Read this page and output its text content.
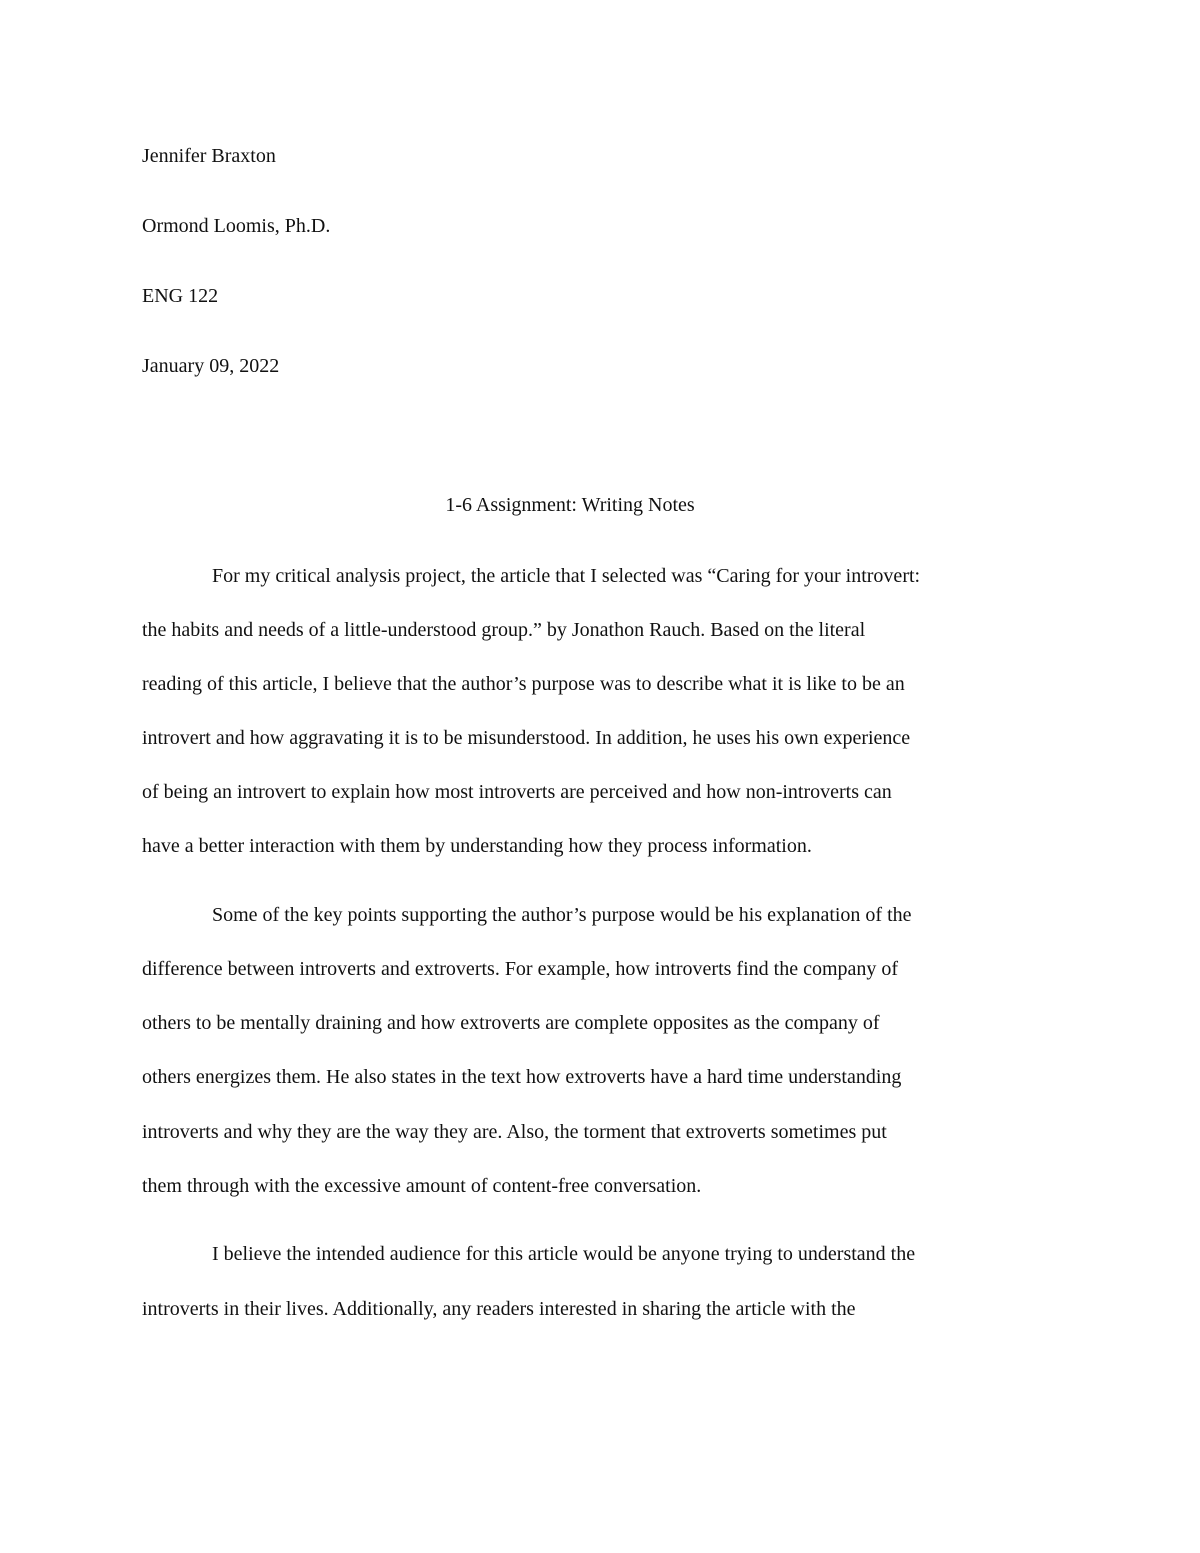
Jennifer Braxton
Ormond Loomis, Ph.D.
ENG 122
January 09, 2022
1-6 Assignment: Writing Notes
For my critical analysis project, the article that I selected was “Caring for your introvert:
the habits and needs of a little-understood group.” by Jonathon Rauch. Based on the literal
reading of this article, I believe that the author’s purpose was to describe what it is like to be an
introvert and how aggravating it is to be misunderstood. In addition, he uses his own experience
of being an introvert to explain how most introverts are perceived and how non-introverts can
have a better interaction with them by understanding how they process information.
Some of the key points supporting the author’s purpose would be his explanation of the
difference between introverts and extroverts. For example, how introverts find the company of
others to be mentally draining and how extroverts are complete opposites as the company of
others energizes them. He also states in the text how extroverts have a hard time understanding
introverts and why they are the way they are. Also, the torment that extroverts sometimes put
them through with the excessive amount of content-free conversation.
I believe the intended audience for this article would be anyone trying to understand the
introverts in their lives. Additionally, any readers interested in sharing the article with the
